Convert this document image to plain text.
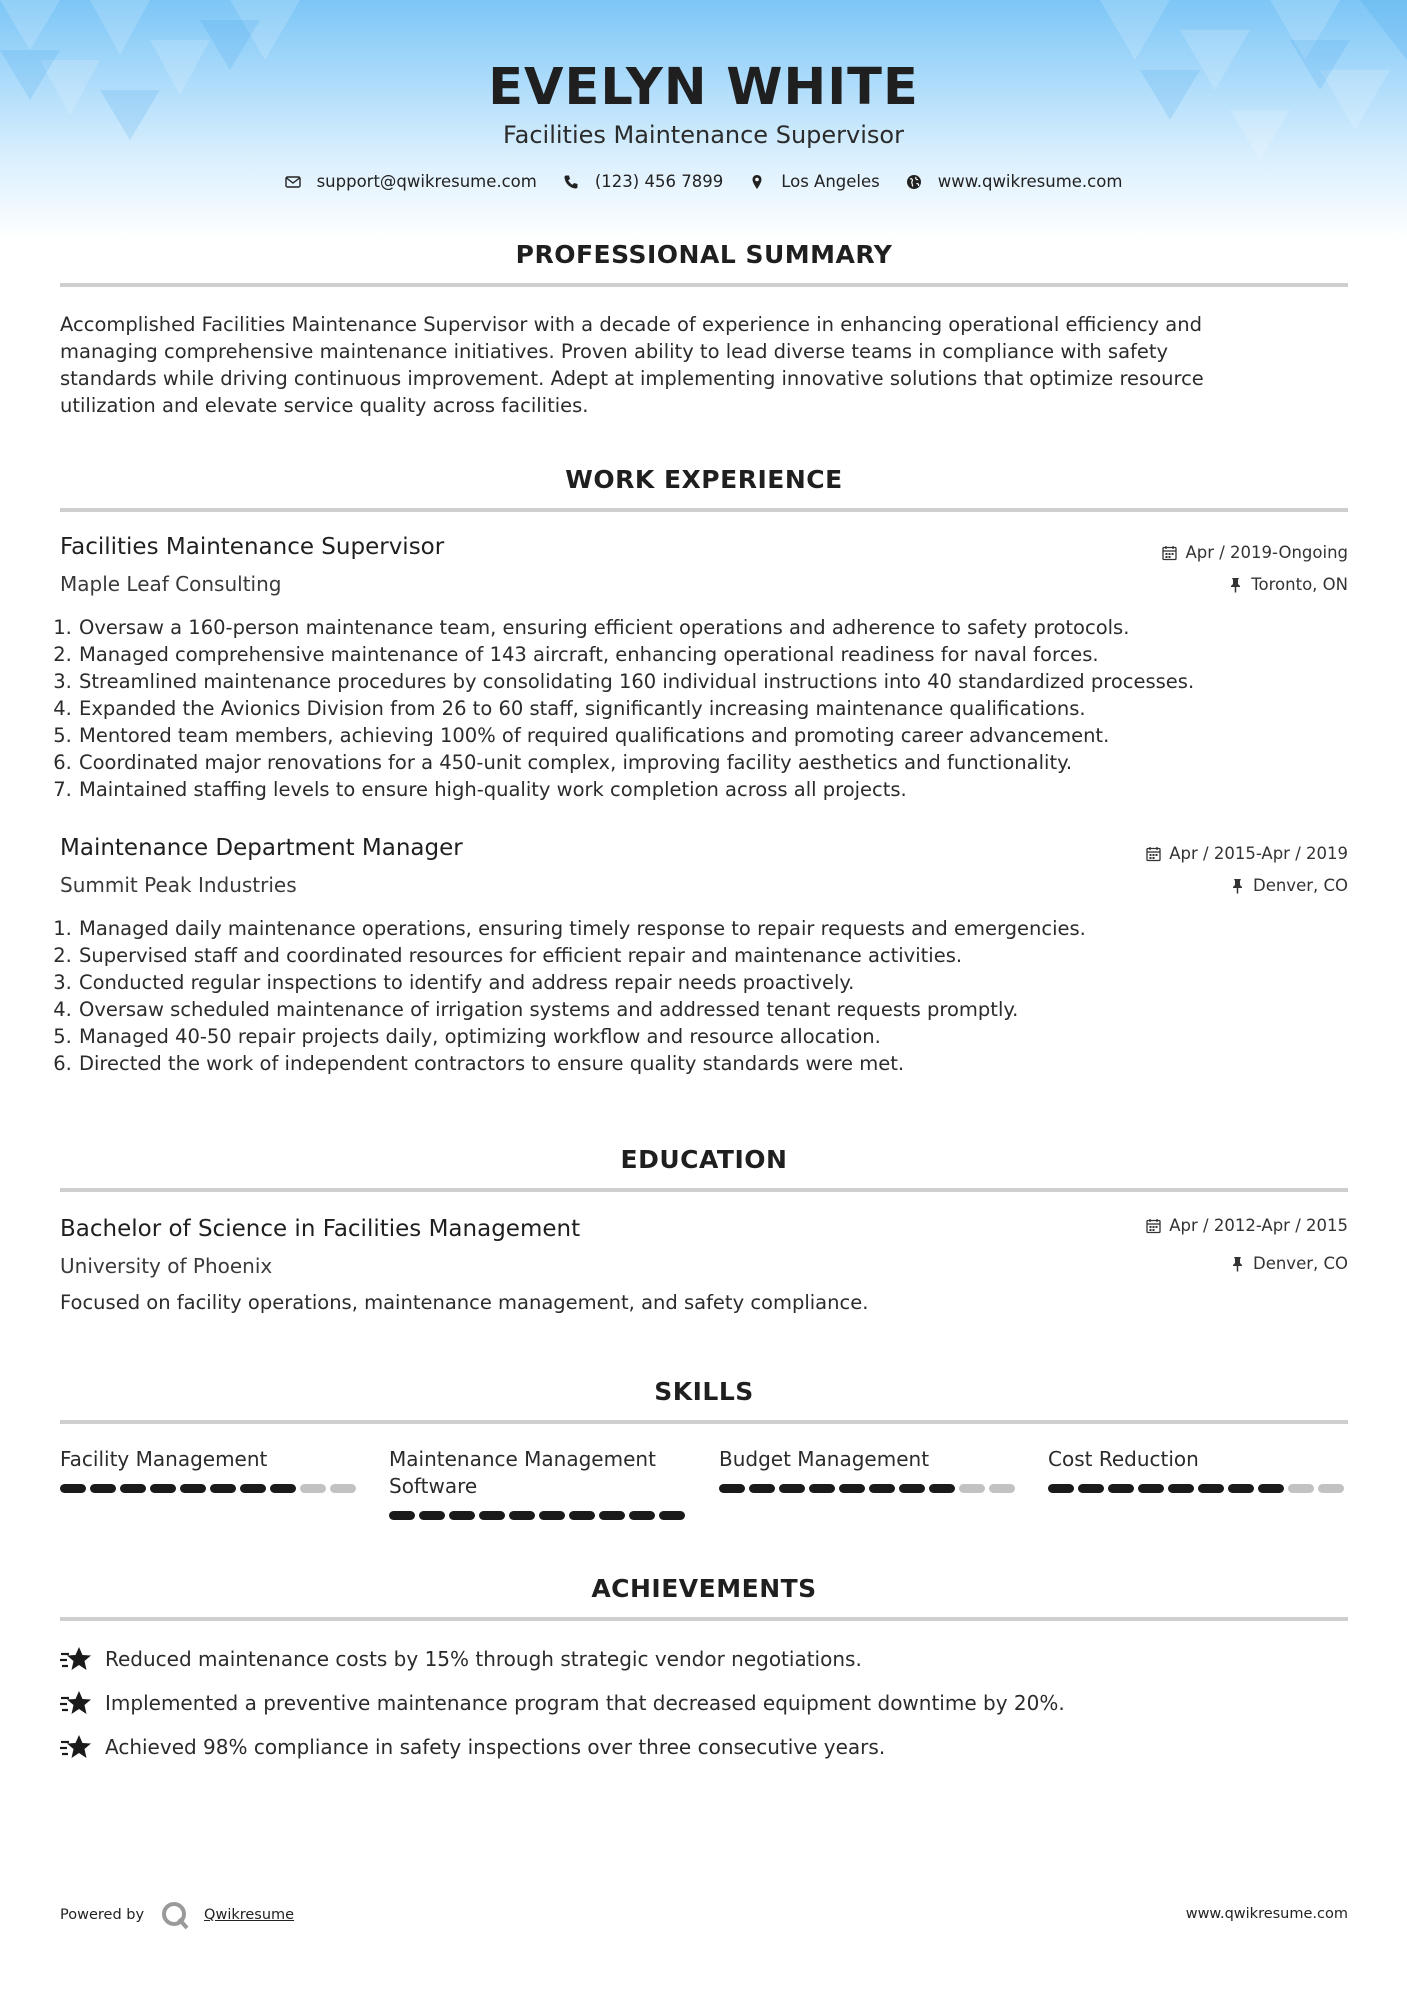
EVELYN WHITE
Facilities Maintenance Supervisor
support@qwikresume.com	(123) 456 7899	Los Angeles	www.qwikresume.com
PROFESSIONAL SUMMARY
Accomplished Facilities Maintenance Supervisor with a decade of experience in enhancing operational efficiency and
managing comprehensive maintenance initiatives. Proven ability to lead diverse teams in compliance with safety
standards while driving continuous improvement. Adept at implementing innovative solutions that optimize resource
utilization and elevate service quality across facilities.
WORK EXPERIENCE
Facilities Maintenance Supervisor	Apr / 2019-Ongoing
Maple Leaf Consulting	Toronto, ON
1. Oversaw a 160-person maintenance team, ensuring efficient operations and adherence to safety protocols.
2. Managed comprehensive maintenance of 143 aircraft, enhancing operational readiness for naval forces.
3. Streamlined maintenance procedures by consolidating 160 individual instructions into 40 standardized processes.
4. Expanded the Avionics Division from 26 to 60 staff, significantly increasing maintenance qualifications.
5. Mentored team members, achieving 100% of required qualifications and promoting career advancement.
6. Coordinated major renovations for a 450-unit complex, improving facility aesthetics and functionality.
7. Maintained staffing levels to ensure high-quality work completion across all projects.
Maintenance Department Manager	Apr / 2015-Apr / 2019
Summit Peak Industries	Denver, CO
1. Managed daily maintenance operations, ensuring timely response to repair requests and emergencies.
2. Supervised staff and coordinated resources for efficient repair and maintenance activities.
3. Conducted regular inspections to identify and address repair needs proactively.
4. Oversaw scheduled maintenance of irrigation systems and addressed tenant requests promptly.
5. Managed 40-50 repair projects daily, optimizing workflow and resource allocation.
6. Directed the work of independent contractors to ensure quality standards were met.
EDUCATION
Bachelor of Science in Facilities Management	Apr / 2012-Apr / 2015
University of Phoenix	Denver, CO
Focused on facility operations, maintenance management, and safety compliance.
SKILLS
Facility Management	Maintenance Management Software
Budget Management	Cost Reduction
ACHIEVEMENTS
Reduced maintenance costs by 15% through strategic vendor negotiations.
Implemented a preventive maintenance program that decreased equipment downtime by 20%.
Achieved 98% compliance in safety inspections over three consecutive years.
Powered by	Qwikresume	www.qwikresume.com
